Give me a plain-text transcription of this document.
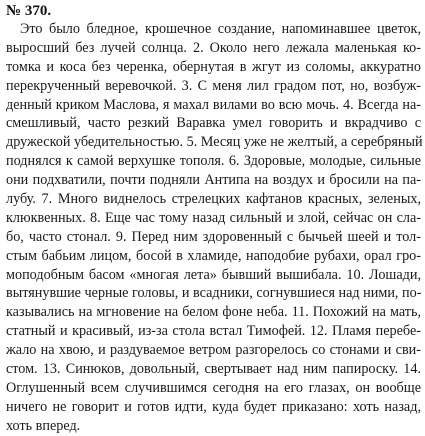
№ 370.
Это было бледное, крошечное создание, напоминавшее цветок,
выросший без лучей солнца. 2. Около него лежала маленькая ко-
томка и коса без черенка, обернутая в жгут из соломы, аккуратно
перекрученный веревочкой. 3. С меня лил градом пот, но, возбуж-
денный криком Маслова, я махал вилами во всю мочь. 4. Всегда на-
смешливый, часто резкий Варавка умел говорить и вкрадчиво с
дружеской убедительностью. 5. Месяц уже не желтый, а серебряный
поднялся к самой верхушке тополя. 6. Здоровые, молодые, сильные
они подхватили, почти подняли Антипа на воздух и бросили на па-
лубу. 7. Много виднелось стрелецких кафтанов красных, зеленых,
клюквенных. 8. Еще час тому назад сильный и злой, сейчас он сла-
бо, часто стонал. 9. Перед ним здоровенный с бычьей шеей и тол-
стым бабьим лицом, босой в хламиде, наподобие рубахи, орал гро-
моподобным басом «многая лета» бывший вышибала. 10. Лошади,
вытянувшие черные головы, и всадники, согнувшиеся над ними, по-
казывались на мгновение на белом фоне неба. 11. Похожий на мать,
статный и красивый, из-за стола встал Тимофей. 12. Пламя перебе-
жало на хвою, и раздуваемое ветром разгорелось со стонами и сви-
стом. 13. Синюков, довольный, свертывает над ним папироску. 14.
Оглушенный всем случившимся сегодня на его глазах, он вообще
ничего не говорит и готов идти, куда будет приказано: хоть назад,
хоть вперед.
